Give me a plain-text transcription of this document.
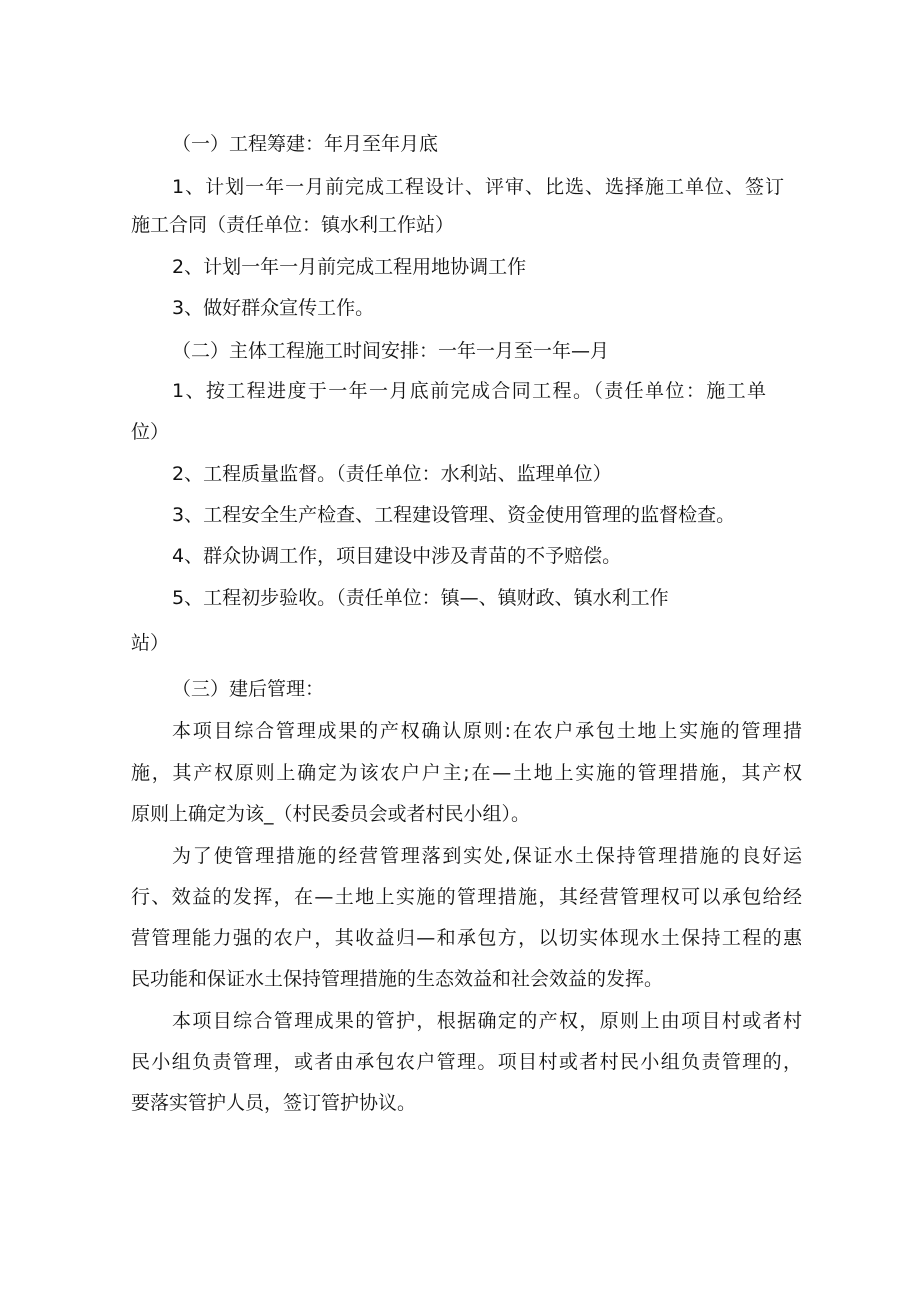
（一）工程筹建：年月至年月底
1、计划一年一月前完成工程设计、评审、比选、选择施工单位、签订
施工合同（责任单位：镇水利工作站）
2、计划一年一月前完成工程用地协调工作
3、做好群众宣传工作。
（二）主体工程施工时间安排：一年一月至一年—月
1、按工程进度于一年一月底前完成合同工程。（责任单位：施工单
位）
2、工程质量监督。（责任单位：水利站、监理单位）
3、工程安全生产检查、工程建设管理、资金使用管理的监督检查。
4、群众协调工作，项目建设中涉及青苗的不予赔偿。
5、工程初步验收。（责任单位：镇—、镇财政、镇水利工作
站）
（三）建后管理：
本项目综合管理成果的产权确认原则:在农户承包土地上实施的管理措
施，其产权原则上确定为该农户户主;在—土地上实施的管理措施，其产权
原则上确定为该_（村民委员会或者村民小组）。
为了使管理措施的经营管理落到实处,保证水土保持管理措施的良好运
行、效益的发挥，在—土地上实施的管理措施，其经营管理权可以承包给经
营管理能力强的农户，其收益归—和承包方，以切实体现水土保持工程的惠
民功能和保证水土保持管理措施的生态效益和社会效益的发挥。
本项目综合管理成果的管护，根据确定的产权，原则上由项目村或者村
民小组负责管理，或者由承包农户管理。项目村或者村民小组负责管理的，
要落实管护人员，签订管护协议。
